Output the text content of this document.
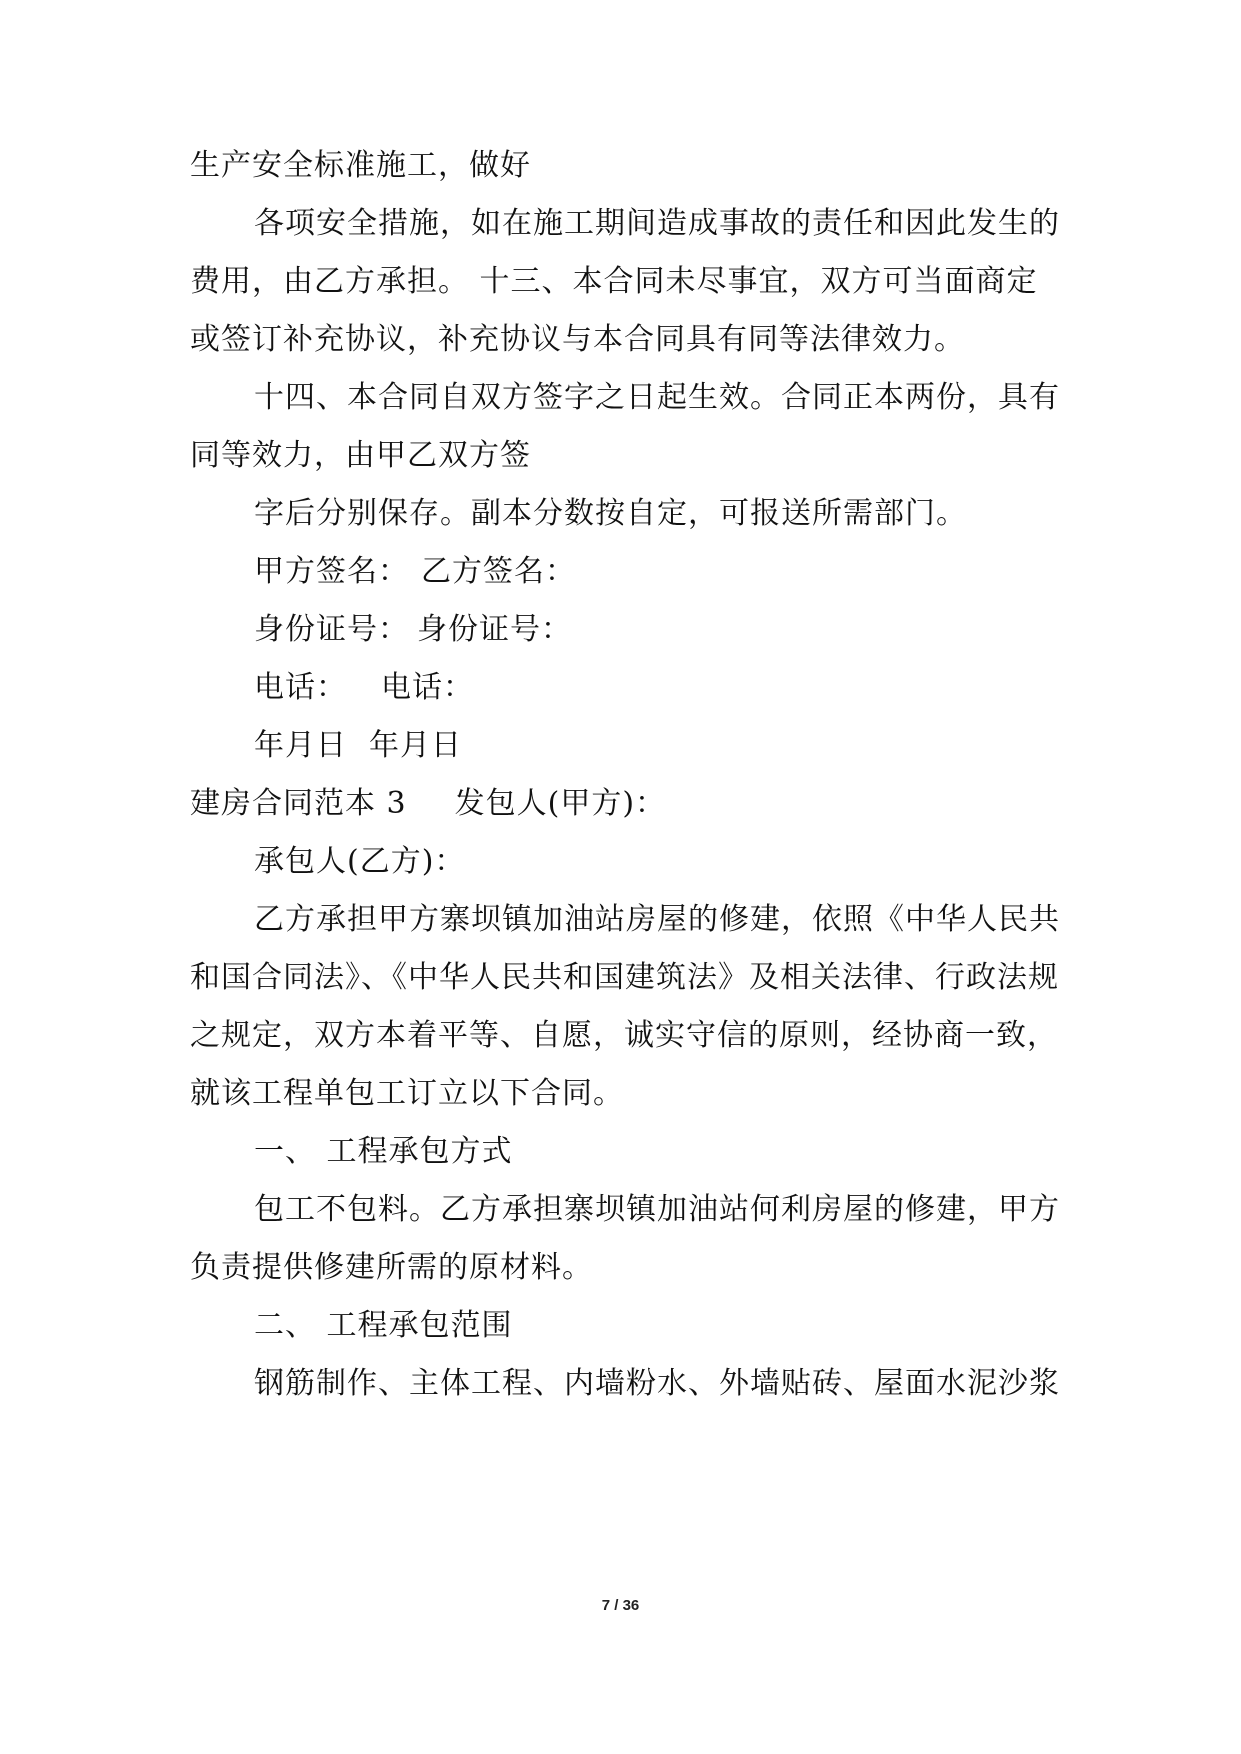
生产安全标准施工，做好
各项安全措施，如在施工期间造成事故的责任和因此发生的
费用，由乙方承担。 十三、本合同未尽事宜，双方可当面商定
或签订补充协议，补充协议与本合同具有同等法律效力。
十四、本合同自双方签字之日起生效。合同正本两份，具有
同等效力，由甲乙双方签
字后分别保存。副本分数按自定，可报送所需部门。
甲方签名： 乙方签名：
身份证号： 身份证号：
电话： 电话：
年月日 年月日
建房合同范本 3 发包人(甲方)：
承包人(乙方)：
乙方承担甲方寨坝镇加油站房屋的修建，依照《中华人民共
和国合同法》、《中华人民共和国建筑法》及相关法律、行政法规
之规定，双方本着平等、自愿，诚实守信的原则，经协商一致，
就该工程单包工订立以下合同。
一、 工程承包方式
包工不包料。乙方承担寨坝镇加油站何利房屋的修建，甲方
负责提供修建所需的原材料。
二、 工程承包范围
钢筋制作、主体工程、内墙粉水、外墙贴砖、屋面水泥沙浆
7 / 36
